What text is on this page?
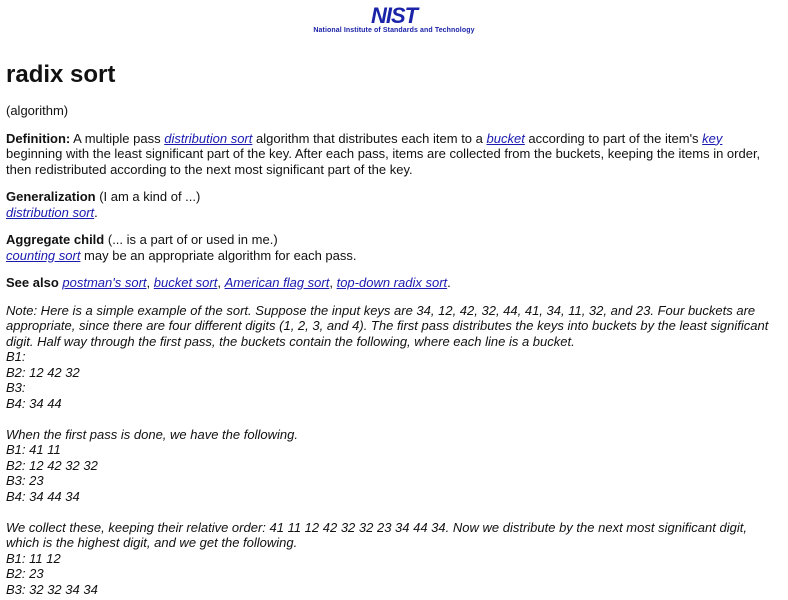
NIST
National Institute of Standards and Technology
radix sort

(algorithm)

Definition: A multiple pass distribution sort algorithm that distributes each item to a bucket according to part of the item's key beginning with the least significant part of the key. After each pass, items are collected from the buckets, keeping the items in order, then redistributed according to the next most significant part of the key.

Generalization (I am a kind of ...)
distribution sort.

Aggregate child (... is a part of or used in me.)
counting sort may be an appropriate algorithm for each pass.

See also postman's sort, bucket sort, American flag sort, top-down radix sort.

Note: Here is a simple example of the sort. Suppose the input keys are 34, 12, 42, 32, 44, 41, 34, 11, 32, and 23. Four buckets are appropriate, since there are four different digits (1, 2, 3, and 4). The first pass distributes the keys into buckets by the least significant digit. Half way through the first pass, the buckets contain the following, where each line is a bucket.
B1:
B2: 12 42 32
B3:
B4: 34 44
When the first pass is done, we have the following.
B1: 41 11
B2: 12 42 32 32
B3: 23
B4: 34 44 34
We collect these, keeping their relative order: 41 11 12 42 32 32 23 34 44 34. Now we distribute by the next most significant digit, which is the highest digit, and we get the following.
B1: 11 12
B2: 23
B3: 32 32 34 34
